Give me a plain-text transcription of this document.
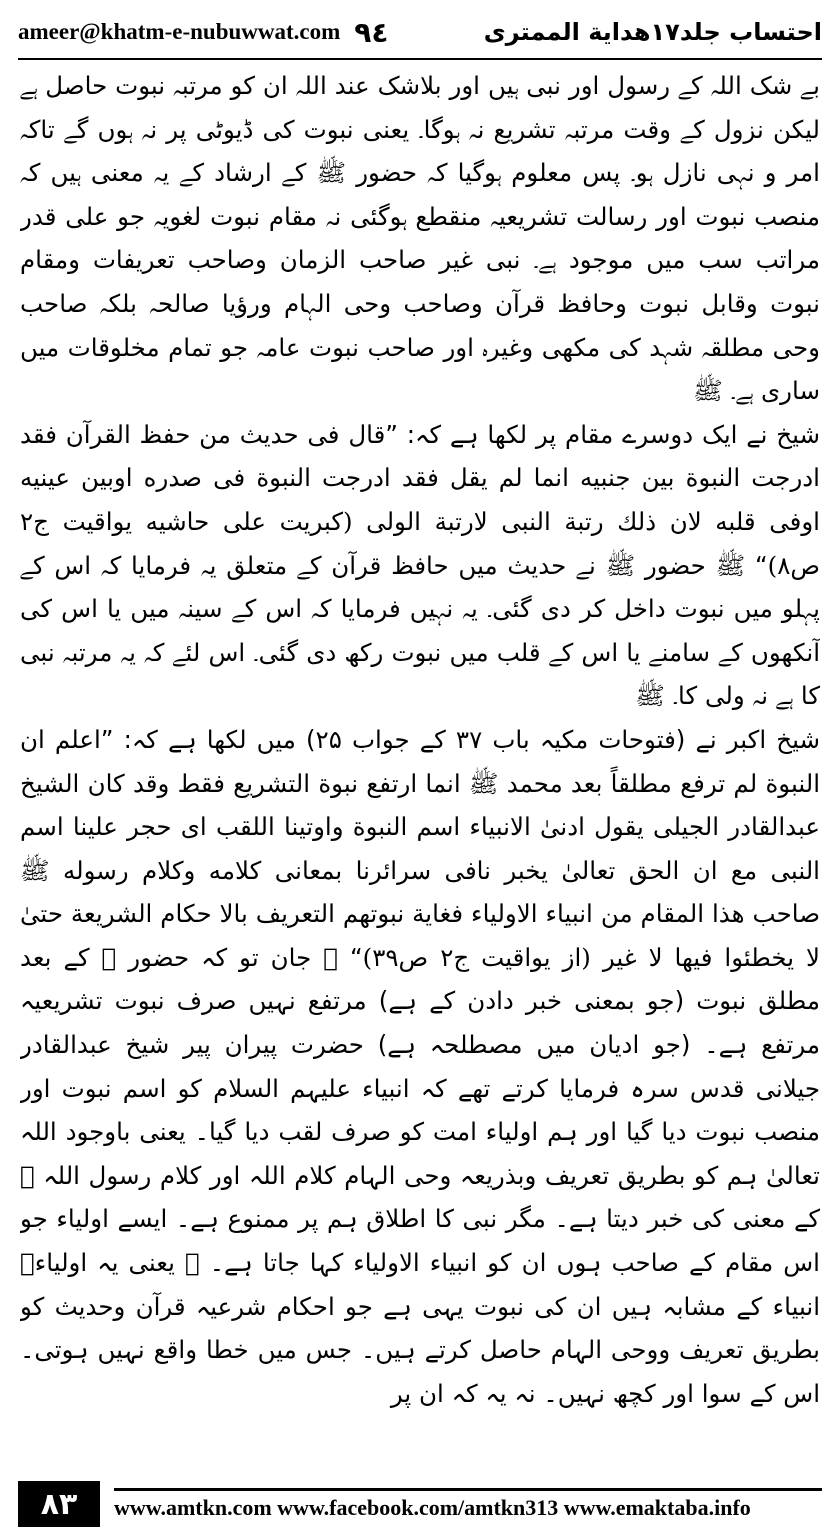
ameer@khatm-e-nubuwwat.com ٩٤	احتساب جلد۱۷ھدایة الممتری

بے شک اللہ کے رسول اور نبی ہیں اور بلاشک عند اللہ ان کو مرتبہ نبوت حاصل ہے لیکن نزول کے وقت مرتبہ تشریع نہ ہوگا۔ یعنی نبوت کی ڈیوٹی پر نہ ہوں گے تاکہ امر و نہی نازل ہو۔ پس معلوم ہوگیا کہ حضور ﷺ کے ارشاد کے یہ معنی ہیں کہ منصب نبوت اور رسالت تشریعیہ منقطع ہوگئی نہ مقام نبوت لغویہ جو علی قدر مراتب سب میں موجود ہے۔ نبی غیر صاحب الزمان وصاحب تعریفات ومقام نبوت وقابل نبوت وحافظ قرآن وصاحب وحی الہام ورؤیا صالحہ بلکہ صاحب وحی مطلقہ شہد کی مکھی وغیرہ اور صاحب نبوت عامہ جو تمام مخلوقات میں ساری ہے۔ ﷺ

شیخ نے ایک دوسرے مقام پر لکھا ہے کہ: ”قال فی حدیث من حفظ القرآن فقد ادرجت النبوة بین جنبیه انما لم یقل فقد ادرجت النبوة فی صدره اوبین عینیه اوفی قلبه لان ذلك رتبة النبی لارتبة الولی (کبریت علی حاشیه یواقیت ج۲ ص۸)“ ﷺ حضور ﷺ نے حدیث میں حافظ قرآن کے متعلق یہ فرمایا کہ اس کے پہلو میں نبوت داخل کر دی گئی۔ یہ نہیں فرمایا کہ اس کے سینہ میں یا اس کی آنکھوں کے سامنے یا اس کے قلب میں نبوت رکھ دی گئی۔ اس لئے کہ یہ مرتبہ نبی کا ہے نہ ولی کا۔ ﷺ

شیخ اکبر نے (فتوحات مکیہ باب ۳۷ کے جواب ۲۵) میں لکھا ہے کہ: ”اعلم ان النبوة لم ترفع مطلقاً بعد محمد ﷺ انما ارتفع نبوة التشریع فقط وقد کان الشیخ عبدالقادر الجیلی یقول ادنیٰ الانبیاء اسم النبوة واوتینا اللقب ای حجر علینا اسم النبی مع ان الحق تعالیٰ یخبر نافی سرائرنا بمعانی کلامه وکلام رسوله ﷺ صاحب هذا المقام من انبیاء الاولیاء فغایة نبوتهم التعریف بالا حکام الشریعة حتیٰ لا یخطئوا فیها لا غیر (از یواقیت ج۲ ص۳۹)“ ﷺ جان تو کہ حضور ﷺ کے بعد مطلق نبوت (جو بمعنی خبر دادن کے ہے) مرتفع نہیں صرف نبوت تشریعیہ مرتفع ہے۔ (جو ادیان میں مصطلحہ ہے) حضرت پیران پیر شیخ عبدالقادر جیلانی قدس سرہ فرمایا کرتے تھے کہ انبیاء علیہم السلام کو اسم نبوت اور منصب نبوت دیا گیا اور ہم اولیاء امت کو صرف لقب دیا گیا۔ یعنی باوجود اللہ تعالیٰ ہم کو بطریق تعریف وبذریعہ وحی الہام کلام اللہ اور کلام رسول اللہ ﷺ کے معنی کی خبر دیتا ہے۔ مگر نبی کا اطلاق ہم پر ممنوع ہے۔ ایسے اولیاء جو اس مقام کے صاحب ہوں ان کو انبیاء الاولیاء کہا جاتا ہے۔ ﷺ یعنی یہ اولیاءؒ انبیاء کے مشابہ ہیں ان کی نبوت یہی ہے جو احکام شرعیہ قرآن وحدیث کو بطریق تعریف ووحی الہام حاصل کرتے ہیں۔ جس میں خطا واقع نہیں ہوتی۔ اس کے سوا اور کچھ نہیں۔ نہ یہ کہ ان پر

۸۳	www.amtkn.com www.facebook.com/amtkn313 www.emaktaba.info
